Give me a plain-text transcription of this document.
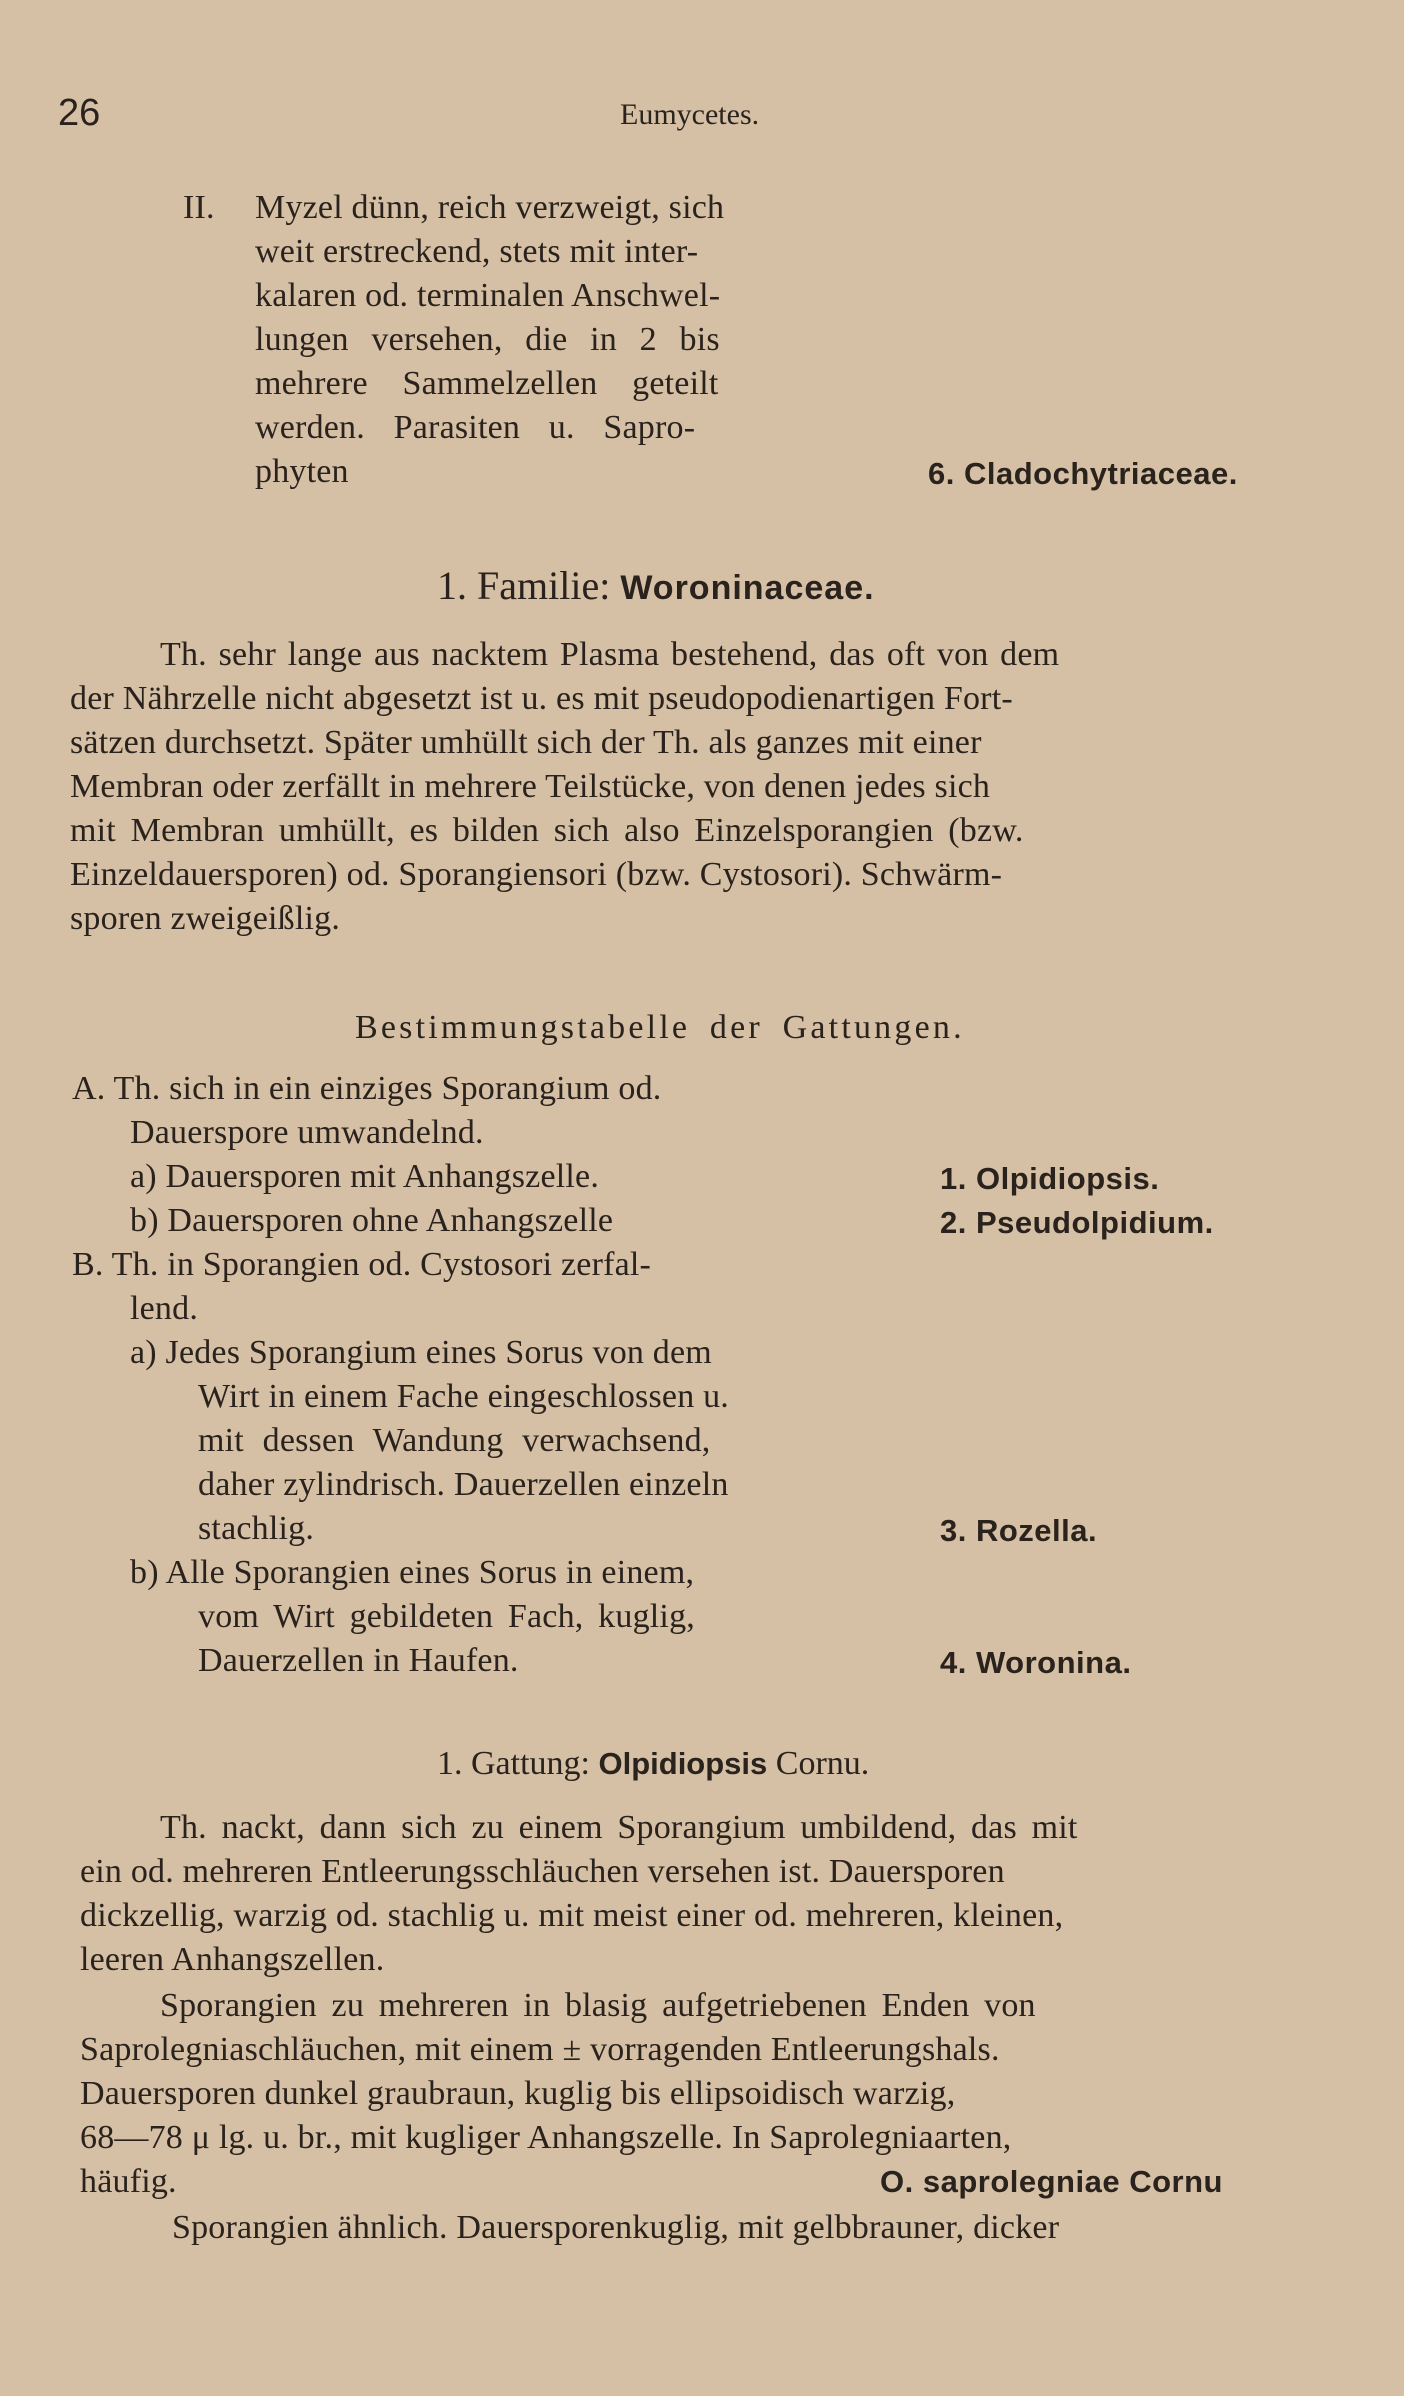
26	Eumycetes.
II. Myzel dünn, reich verzweigt, sich
weit erstreckend, stets mit inter-
kalaren od. terminalen Anschwel-
lungen versehen, die in 2 bis
mehrere Sammelzellen geteilt
werden. Parasiten u. Sapro-
phyten	6. Cladochytriaceae.
1. Familie: Woroninaceae.
Th. sehr lange aus nacktem Plasma bestehend, das oft von dem
der Nährzelle nicht abgesetzt ist u. es mit pseudopodienartigen Fort-
sätzen durchsetzt. Später umhüllt sich der Th. als ganzes mit einer
Membran oder zerfällt in mehrere Teilstücke, von denen jedes sich
mit Membran umhüllt, es bilden sich also Einzelsporangien (bzw.
Einzeldauersporen) od. Sporangiensori (bzw. Cystosori). Schwärm-
sporen zweigeißlig.
Bestimmungstabelle der Gattungen.
A. Th. sich in ein einziges Sporangium od.
Dauerspore umwandelnd.
a) Dauersporen mit Anhangszelle.	1. Olpidiopsis.
b) Dauersporen ohne Anhangszelle	2. Pseudolpidium.
B. Th. in Sporangien od. Cystosori zerfal-
lend.
a) Jedes Sporangium eines Sorus von dem
Wirt in einem Fache eingeschlossen u.
mit dessen Wandung verwachsend,
daher zylindrisch. Dauerzellen einzeln
stachlig.	3. Rozella.
b) Alle Sporangien eines Sorus in einem,
vom Wirt gebildeten Fach, kuglig,
Dauerzellen in Haufen.	4. Woronina.
1. Gattung: Olpidiopsis Cornu.
Th. nackt, dann sich zu einem Sporangium umbildend, das mit
ein od. mehreren Entleerungsschläuchen versehen ist. Dauersporen
dickzellig, warzig od. stachlig u. mit meist einer od. mehreren, kleinen,
leeren Anhangszellen.
Sporangien zu mehreren in blasig aufgetriebenen Enden von
Saprolegniaschläuchen, mit einem ± vorragenden Entleerungshals.
Dauersporen dunkel graubraun, kuglig bis ellipsoidisch warzig,
68—78 μ lg. u. br., mit kugliger Anhangszelle. In Saprolegniaarten,
häufig.	O. saprolegniae Cornu
Sporangien ähnlich. Dauersporenkuglig, mit gelbbrauner, dicker
